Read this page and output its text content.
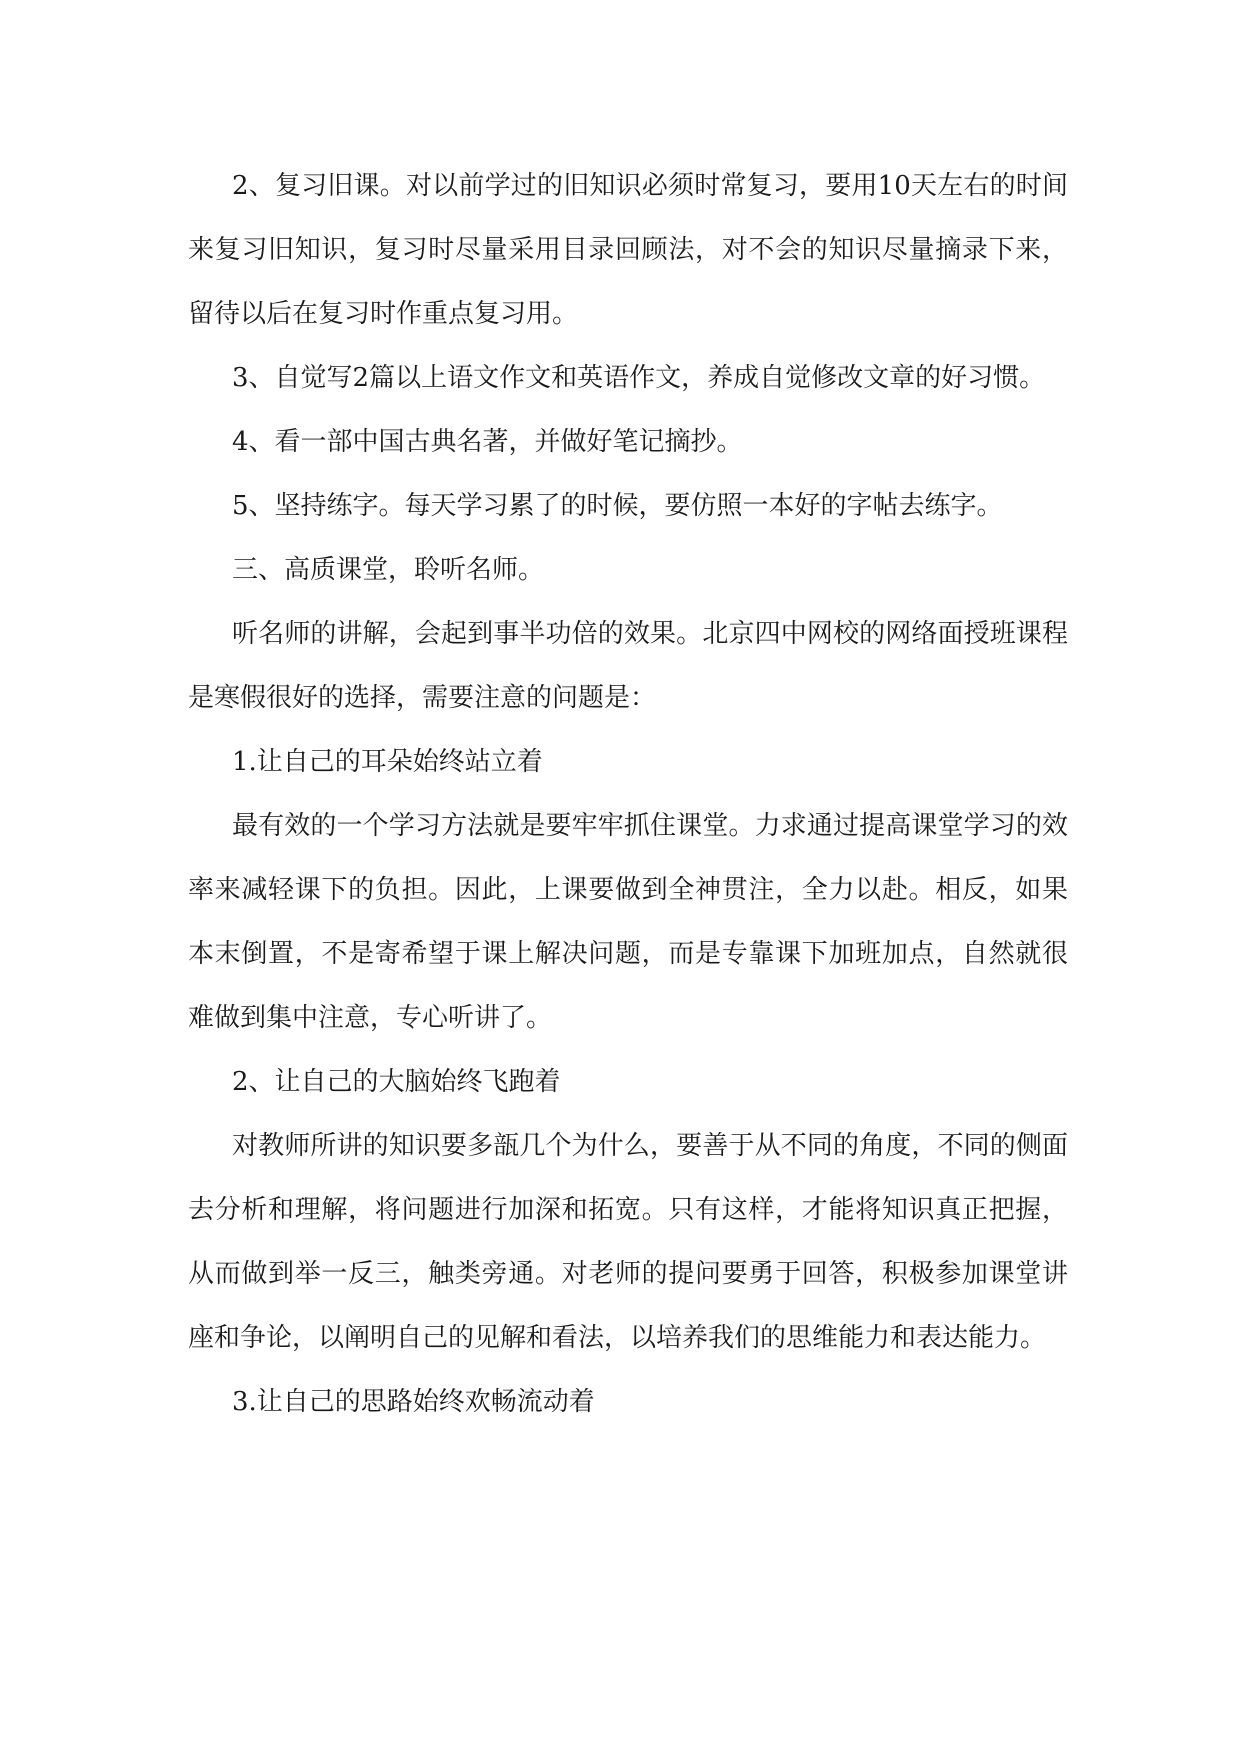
2、复习旧课。对以前学过的旧知识必须时常复习，要用10天左右的时间来复习旧知识，复习时尽量采用目录回顾法，对不会的知识尽量摘录下来，留待以后在复习时作重点复习用。

3、自觉写2篇以上语文作文和英语作文，养成自觉修改文章的好习惯。

4、看一部中国古典名著，并做好笔记摘抄。

5、坚持练字。每天学习累了的时候，要仿照一本好的字帖去练字。

三、高质课堂，聆听名师。

听名师的讲解，会起到事半功倍的效果。北京四中网校的网络面授班课程是寒假很好的选择，需要注意的问题是：

1.让自己的耳朵始终站立着

最有效的一个学习方法就是要牢牢抓住课堂。力求通过提高课堂学习的效率来减轻课下的负担。因此，上课要做到全神贯注，全力以赴。相反，如果本末倒置，不是寄希望于课上解决问题，而是专靠课下加班加点，自然就很难做到集中注意，专心听讲了。

2、让自己的大脑始终飞跑着

对教师所讲的知识要多瓿几个为什么，要善于从不同的角度，不同的侧面去分析和理解，将问题进行加深和拓宽。只有这样，才能将知识真正把握，从而做到举一反三，触类旁通。对老师的提问要勇于回答，积极参加课堂讲座和争论，以阐明自己的见解和看法，以培养我们的思维能力和表达能力。

3.让自己的思路始终欢畅流动着
